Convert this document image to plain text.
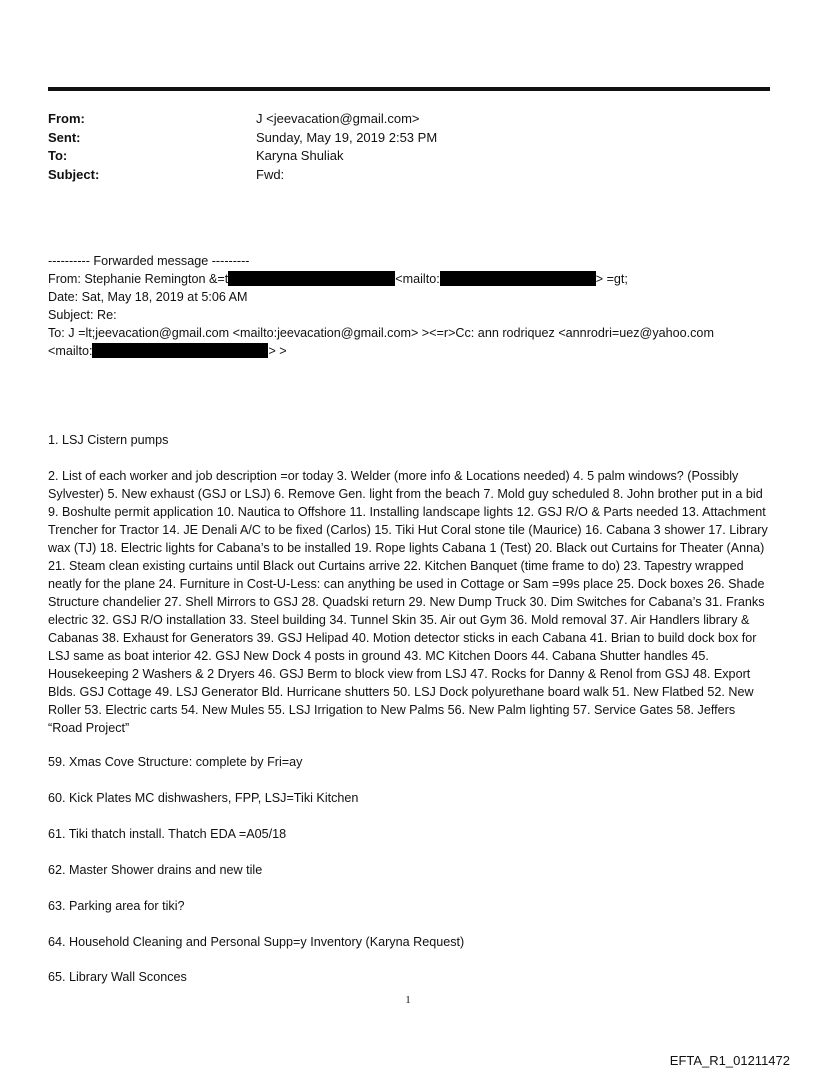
From:	J <jeevacation@gmail.com>
Sent:	Sunday, May 19, 2019 2:53 PM
To:	Karyna Shuliak
Subject:	Fwd:
---------- Forwarded message ---------
From: Stephanie Remington &=t	<mailto:	> =gt;
Date: Sat, May 18, 2019 at 5:06 AM
Subject: Re:
To: J =lt;jeevacation@gmail.com <mailto:jeevacation@gmail.com> ><=r>Cc: ann rodriquez <annrodri=uez@yahoo.com
<mailto:	> >
1. LSJ Cistern pumps

2. List of each worker and job description =or today 3. Welder (more info & Locations needed) 4. 5 palm windows? (Possibly Sylvester) 5. New exhaust (GSJ or LSJ) 6. Remove Gen. light from the beach 7. Mold guy scheduled 8. John brother put in a bid 9. Boshulte permit application 10. Nautica to Offshore 11. Installing landscape lights 12. GSJ R/O & Parts needed 13. Attachment Trencher for Tractor 14. JE Denali A/C to be fixed (Carlos) 15. Tiki Hut Coral stone tile (Maurice) 16. Cabana 3 shower 17. Library wax (TJ) 18. Electric lights for Cabana’s to be installed 19. Rope lights Cabana 1 (Test) 20. Black out Curtains for Theater (Anna) 21. Steam clean existing curtains until Black out Curtains arrive 22. Kitchen Banquet (time frame to do) 23. Tapestry wrapped neatly for the plane 24. Furniture in Cost-U-Less: can anything be used in Cottage or Sam =99s place 25. Dock boxes 26. Shade Structure chandelier 27. Shell Mirrors to GSJ 28. Quadski return 29. New Dump Truck 30. Dim Switches for Cabana’s 31. Franks electric 32. GSJ R/O installation 33. Steel building 34. Tunnel Skin 35. Air out Gym 36. Mold removal 37. Air Handlers library & Cabanas 38. Exhaust for Generators 39. GSJ Helipad 40. Motion detector sticks in each Cabana 41. Brian to build dock box for LSJ same as boat interior 42. GSJ New Dock 4 posts in ground 43. MC Kitchen Doors 44. Cabana Shutter handles 45. Housekeeping 2 Washers & 2 Dryers 46. GSJ Berm to block view from LSJ 47. Rocks for Danny & Renol from GSJ 48. Export Blds. GSJ Cottage 49. LSJ Generator Bld. Hurricane shutters 50. LSJ Dock polyurethane board walk 51. New Flatbed 52. New Roller 53. Electric carts 54. New Mules 55. LSJ Irrigation to New Palms 56. New Palm lighting 57. Service Gates 58. Jeffers “Road Project”

59. Xmas Cove Structure: complete by Fri=ay
60. Kick Plates MC dishwashers, FPP, LSJ=Tiki Kitchen
61. Tiki thatch install. Thatch EDA =A05/18
62. Master Shower drains and new tile
63. Parking area for tiki?
64. Household Cleaning and Personal Supp=y Inventory (Karyna Request)
65. Library Wall Sconces
1
EFTA_R1_01211472
